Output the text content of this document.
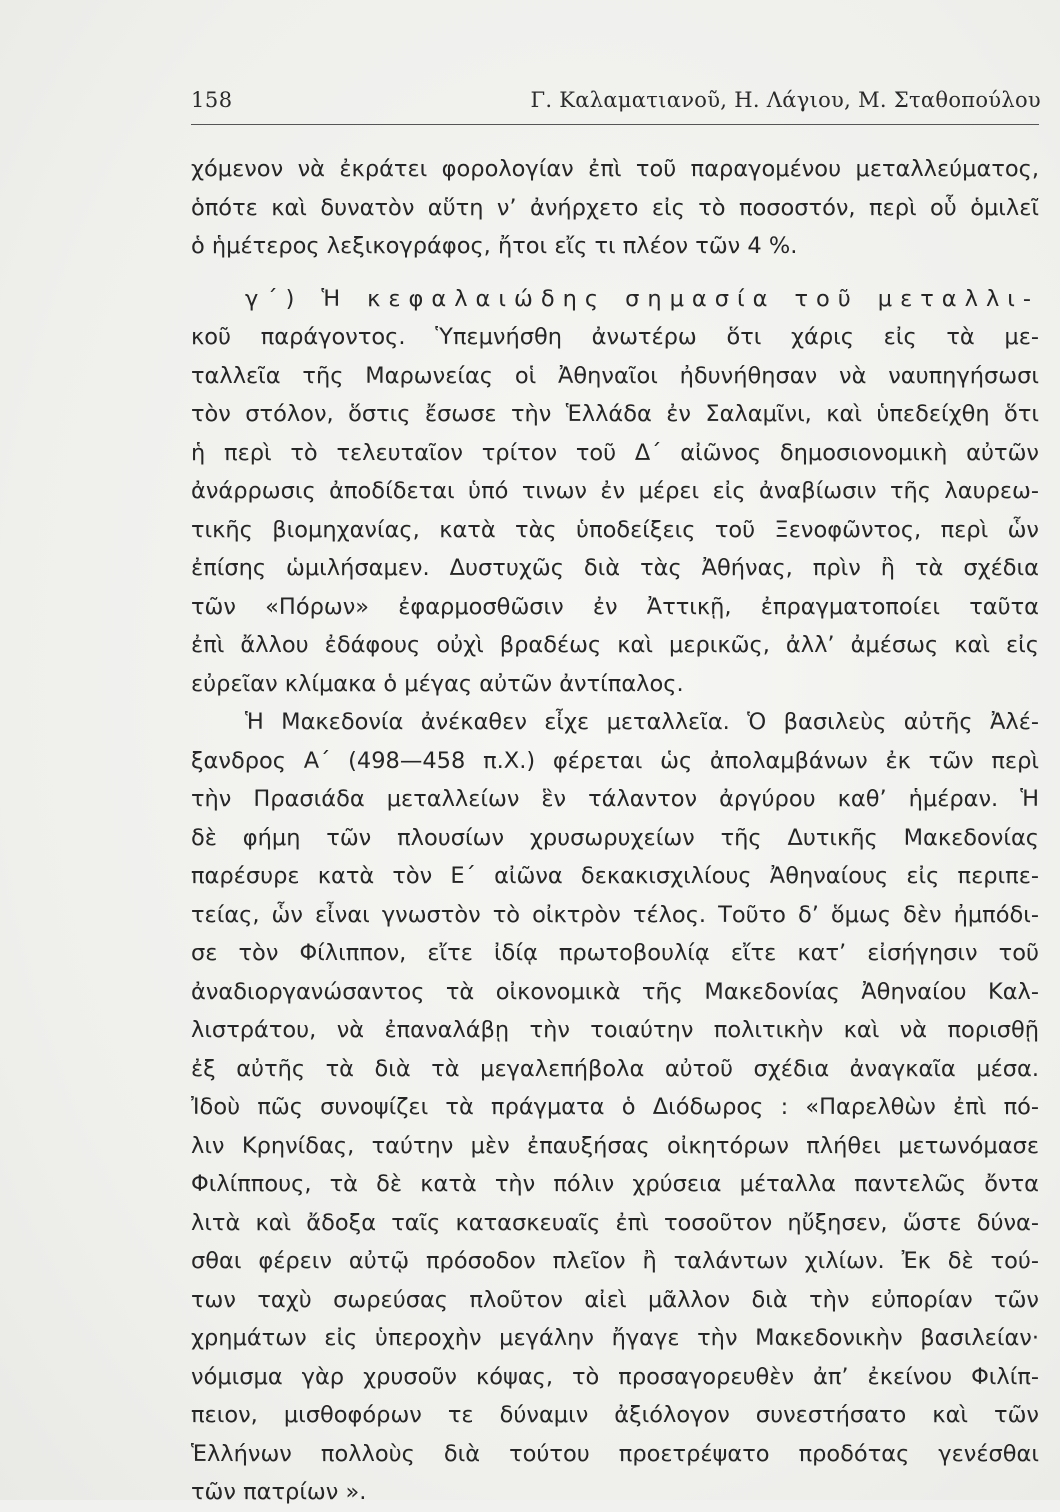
158	Γ. Καλαματιανοῦ, Η. Λάγιου, Μ. Σταθοπούλου
χόμενον νὰ ἐκράτει φορολογίαν ἐπὶ τοῦ παραγομένου μεταλλεύματος,
ὁπότε καὶ δυνατὸν αὕτη ν’ ἀνήρχετο εἰς τὸ ποσοστόν, περὶ οὗ ὁμιλεῖ
ὁ ἡμέτερος λεξικογράφος, ἤτοι εἴς τι πλέον τῶν 4 %.
γ΄) Ἡ κεφαλαιώδης σημασία τοῦ μεταλλι-
κοῦ παράγοντος. Ὑπεμνήσθη ἀνωτέρω ὅτι χάρις εἰς τὰ με-
ταλλεῖα τῆς Μαρωνείας οἱ Ἀθηναῖοι ἠδυνήθησαν νὰ ναυπηγήσωσι
τὸν στόλον, ὅστις ἔσωσε τὴν Ἑλλάδα ἐν Σαλαμῖνι, καὶ ὑπεδείχθη ὅτι
ἡ περὶ τὸ τελευταῖον τρίτον τοῦ Δ΄ αἰῶνος δημοσιονομικὴ αὐτῶν
ἀνάρρωσις ἀποδίδεται ὑπό τινων ἐν μέρει εἰς ἀναβίωσιν τῆς λαυρεω-
τικῆς βιομηχανίας, κατὰ τὰς ὑποδείξεις τοῦ Ξενοφῶντος, περὶ ὧν
ἐπίσης ὡμιλήσαμεν. Δυστυχῶς διὰ τὰς Ἀθήνας, πρὶν ἢ τὰ σχέδια
τῶν «Πόρων» ἐφαρμοσθῶσιν ἐν Ἀττικῇ, ἐπραγματοποίει ταῦτα
ἐπὶ ἄλλου ἐδάφους οὐχὶ βραδέως καὶ μερικῶς, ἀλλ’ ἀμέσως καὶ εἰς
εὐρεῖαν κλίμακα ὁ μέγας αὐτῶν ἀντίπαλος.
Ἡ Μακεδονία ἀνέκαθεν εἶχε μεταλλεῖα. Ὁ βασιλεὺς αὐτῆς Ἀλέ-
ξανδρος Α΄ (498—458 π.Χ.) φέρεται ὡς ἀπολαμβάνων ἐκ τῶν περὶ
τὴν Πρασιάδα μεταλλείων ἓν τάλαντον ἀργύρου καθ’ ἡμέραν. Ἡ
δὲ φήμη τῶν πλουσίων χρυσωρυχείων τῆς Δυτικῆς Μακεδονίας
παρέσυρε κατὰ τὸν Ε΄ αἰῶνα δεκακισχιλίους Ἀθηναίους εἰς περιπε-
τείας, ὧν εἶναι γνωστὸν τὸ οἰκτρὸν τέλος. Τοῦτο δ’ ὅμως δὲν ἠμπόδι-
σε τὸν Φίλιππον, εἴτε ἰδίᾳ πρωτοβουλίᾳ εἴτε κατ’ εἰσήγησιν τοῦ
ἀναδιοργανώσαντος τὰ οἰκονομικὰ τῆς Μακεδονίας Ἀθηναίου Καλ-
λιστράτου, νὰ ἐπαναλάβῃ τὴν τοιαύτην πολιτικὴν καὶ νὰ πορισθῇ
ἐξ αὐτῆς τὰ διὰ τὰ μεγαλεπήβολα αὐτοῦ σχέδια ἀναγκαῖα μέσα.
Ἰδοὺ πῶς συνοψίζει τὰ πράγματα ὁ Διόδωρος : «Παρελθὼν ἐπὶ πό-
λιν Κρηνίδας, ταύτην μὲν ἐπαυξήσας οἰκητόρων πλήθει μετωνόμασε
Φιλίππους, τὰ δὲ κατὰ τὴν πόλιν χρύσεια μέταλλα παντελῶς ὄντα
λιτὰ καὶ ἄδοξα ταῖς κατασκευαῖς ἐπὶ τοσοῦτον ηὔξησεν, ὥστε δύνα-
σθαι φέρειν αὐτῷ πρόσοδον πλεῖον ἢ ταλάντων χιλίων. Ἐκ δὲ τού-
των ταχὺ σωρεύσας πλοῦτον αἰεὶ μᾶλλον διὰ τὴν εὐπορίαν τῶν
χρημάτων εἰς ὑπεροχὴν μεγάλην ἤγαγε τὴν Μακεδονικὴν βασιλείαν·
νόμισμα γὰρ χρυσοῦν κόψας, τὸ προσαγορευθὲν ἀπ’ ἐκείνου Φιλίπ-
πειον, μισθοφόρων τε δύναμιν ἀξιόλογον συνεστήσατο καὶ τῶν
Ἑλλήνων πολλοὺς διὰ τούτου προετρέψατο προδότας γενέσθαι
τῶν πατρίων ».
